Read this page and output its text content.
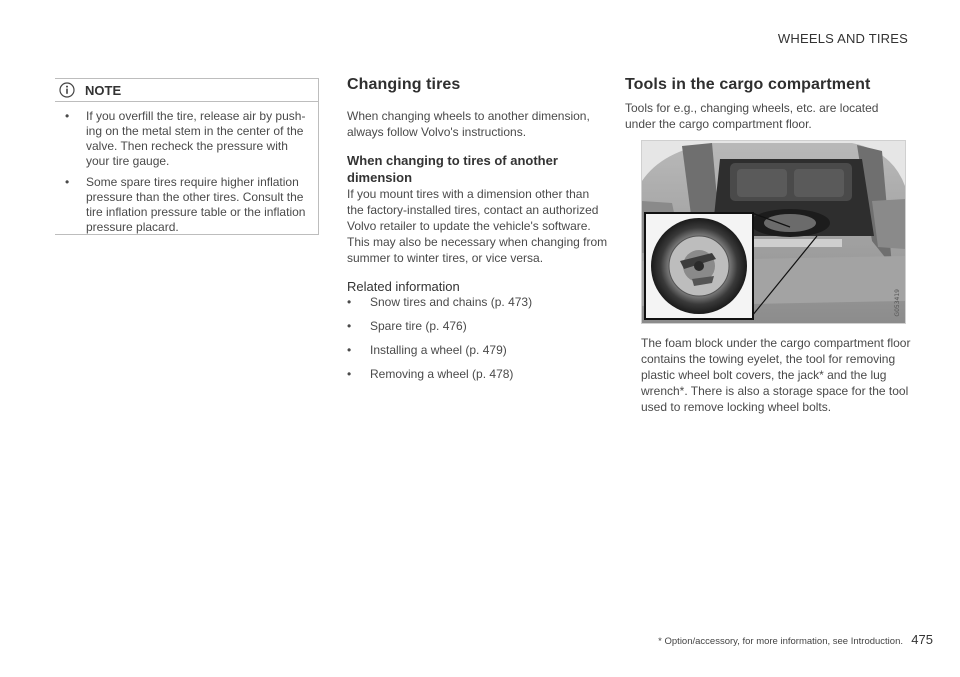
WHEELS AND TIRES
NOTE
• If you overfill the tire, release air by push-ing on the metal stem in the center of the valve. Then recheck the pressure with your tire gauge.
• Some spare tires require higher inflation pressure than the other tires. Consult the tire inflation pressure table or the inflation pressure placard.
Changing tires

When changing wheels to another dimension, always follow Volvo's instructions.

When changing to tires of another dimension

If you mount tires with a dimension other than the factory-installed tires, contact an authorized Volvo retailer to update the vehicle's software. This may also be necessary when changing from summer to winter tires, or vice versa.

Related information
• Snow tires and chains (p. 473)
• Spare tire (p. 476)
• Installing a wheel (p. 479)
• Removing a wheel (p. 478)
Tools in the cargo compartment

Tools for e.g., changing wheels, etc. are located under the cargo compartment floor.

G053419

The foam block under the cargo compartment floor contains the towing eyelet, the tool for removing plastic wheel bolt covers, the jack* and the lug wrench*. There is also a storage space for the tool used to remove locking wheel bolts.

* Option/accessory, for more information, see Introduction. 475
